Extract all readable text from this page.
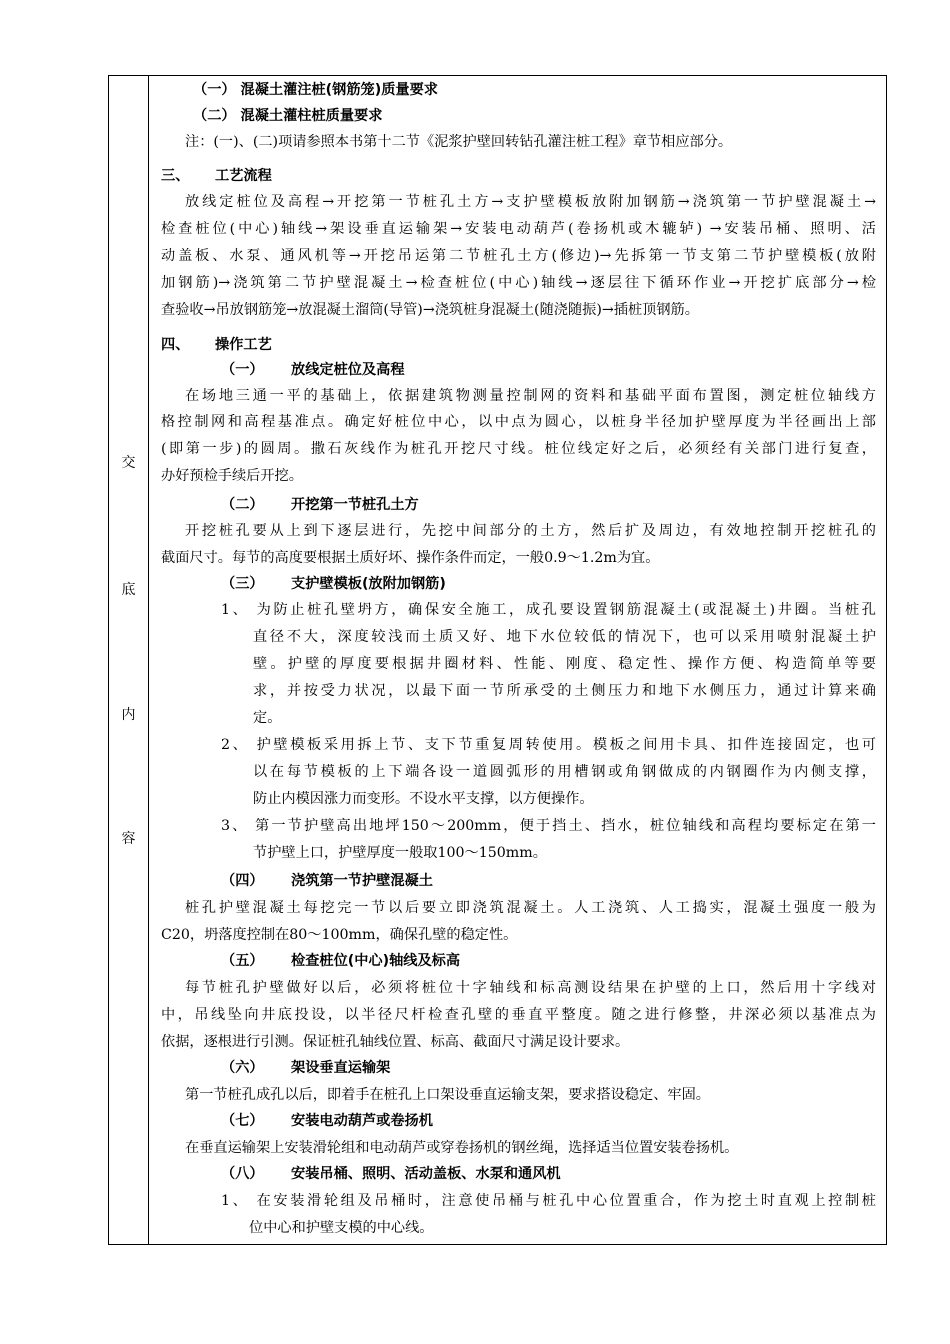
交
底
内
容
（一） 混凝土灌注桩(钢筋笼)质量要求
（二） 混凝土灌柱桩质量要求
注：(一)、(二)项请参照本书第十二节《泥浆护壁回转钻孔灌注桩工程》章节相应部分。
三、 工艺流程
放线定桩位及高程→开挖第一节桩孔土方→支护壁模板放附加钢筋→浇筑第一节护壁混凝土→
检查桩位(中心)轴线→架设垂直运输架→安装电动葫芦(卷扬机或木辘轳) →安装吊桶、照明、活
动盖板、水泵、通风机等→开挖吊运第二节桩孔土方(修边)→先拆第一节支第二节护壁模板(放附
加钢筋)→浇筑第二节护壁混凝土→检查桩位(中心)轴线→逐层往下循环作业→开挖扩底部分→检
查验收→吊放钢筋笼→放混凝土溜筒(导管)→浇筑桩身混凝土(随浇随振)→插桩顶钢筋。
四、 操作工艺
（一） 放线定桩位及高程
在场地三通一平的基础上，依据建筑物测量控制网的资料和基础平面布置图，测定桩位轴线方
格控制网和高程基准点。确定好桩位中心，以中点为圆心，以桩身半径加护壁厚度为半径画出上部
(即第一步)的圆周。撒石灰线作为桩孔开挖尺寸线。桩位线定好之后，必须经有关部门进行复查，
办好预检手续后开挖。
（二） 开挖第一节桩孔土方
开挖桩孔要从上到下逐层进行，先挖中间部分的土方，然后扩及周边，有效地控制开挖桩孔的
截面尺寸。每节的高度要根据土质好坏、操作条件而定，一般0.9～1.2m为宜。
（三） 支护壁模板(放附加钢筋)
1、 为防止桩孔壁坍方，确保安全施工，成孔要设置钢筋混凝土(或混凝土)井圈。当桩孔
直径不大，深度较浅而土质又好、地下水位较低的情况下，也可以采用喷射混凝土护
壁。护壁的厚度要根据井圈材料、性能、刚度、稳定性、操作方便、构造简单等要
求，并按受力状况，以最下面一节所承受的土侧压力和地下水侧压力，通过计算来确
定。
2、 护壁模板采用拆上节、支下节重复周转使用。模板之间用卡具、扣件连接固定，也可
以在每节模板的上下端各设一道圆弧形的用槽钢或角钢做成的内钢圈作为内侧支撑，
防止内模因涨力而变形。不设水平支撑，以方便操作。
3、 第一节护壁高出地坪150～200mm，便于挡土、挡水，桩位轴线和高程均要标定在第一
节护壁上口，护壁厚度一般取100～150mm。
（四） 浇筑第一节护壁混凝土
桩孔护壁混凝土每挖完一节以后要立即浇筑混凝土。人工浇筑、人工捣实，混凝土强度一般为
C20，坍落度控制在80～100mm，确保孔壁的稳定性。
（五） 检查桩位(中心)轴线及标高
每节桩孔护壁做好以后，必须将桩位十字轴线和标高测设结果在护壁的上口，然后用十字线对
中，吊线坠向井底投设，以半径尺杆检查孔壁的垂直平整度。随之进行修整，井深必须以基准点为
依据，逐根进行引测。保证桩孔轴线位置、标高、截面尺寸满足设计要求。
（六） 架设垂直运输架
第一节桩孔成孔以后，即着手在桩孔上口架设垂直运输支架，要求搭设稳定、牢固。
（七） 安装电动葫芦或卷扬机
在垂直运输架上安装滑轮组和电动葫芦或穿卷扬机的钢丝绳，选择适当位置安装卷扬机。
（八） 安装吊桶、照明、活动盖板、水泵和通风机
1、 在安装滑轮组及吊桶时，注意使吊桶与桩孔中心位置重合，作为挖土时直观上控制桩
位中心和护壁支模的中心线。
